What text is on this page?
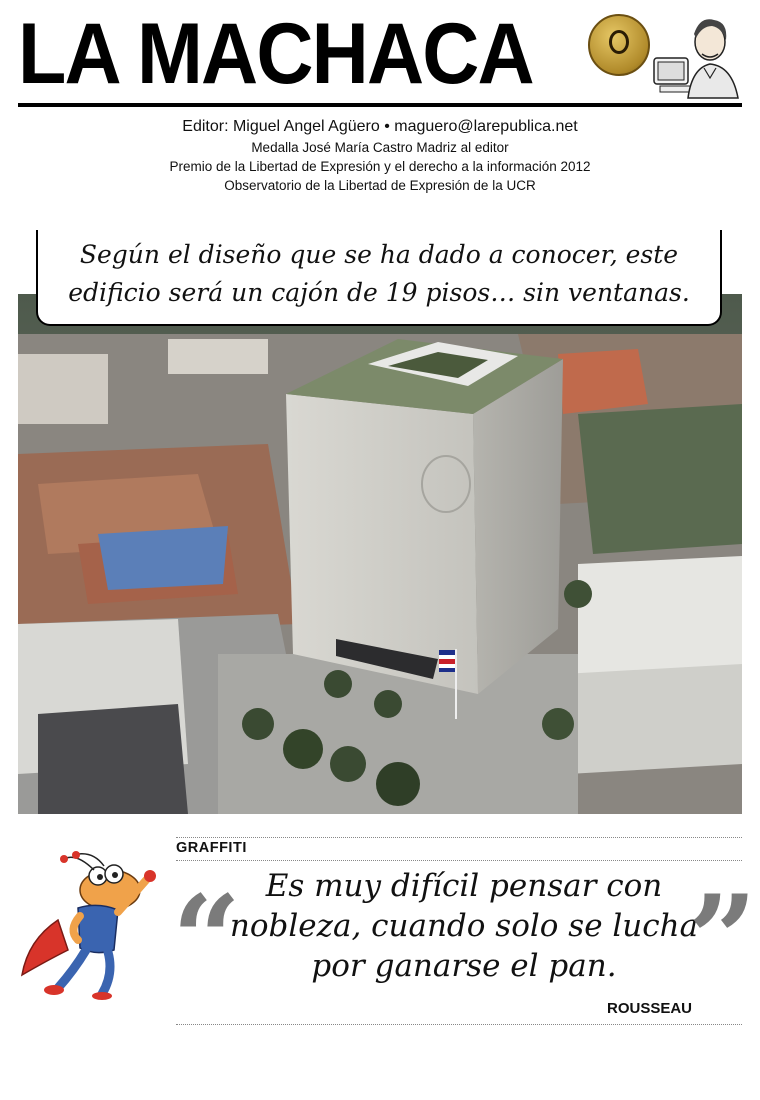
LA MACHACA
Editor: Miguel Angel Agüero • maguero@larepublica.net
Medalla José María Castro Madriz al editor
Premio de la Libertad de Expresión y el derecho a la información 2012
Observatorio de la Libertad de Expresión de la UCR
Según el diseño que se ha dado a conocer, este
edificio será un cajón de 19 pisos… sin ventanas.
GRAFFITI
“ Es muy difícil pensar con
nobleza, cuando solo se lucha
por ganarse el pan. ”
ROUSSEAU
